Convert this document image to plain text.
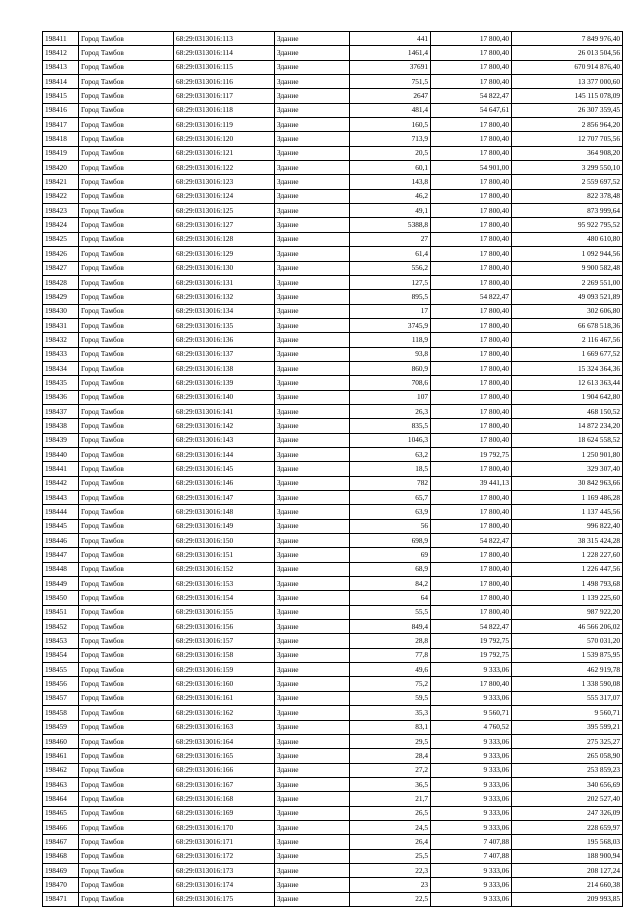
198411	Город Тамбов	68:29:0313016:113	Здание	441	17 800,40	7 849 976,40
198412	Город Тамбов	68:29:0313016:114	Здание	1461,4	17 800,40	26 013 504,56
198413	Город Тамбов	68:29:0313016:115	Здание	37691	17 800,40	670 914 876,40
198414	Город Тамбов	68:29:0313016:116	Здание	751,5	17 800,40	13 377 000,60
198415	Город Тамбов	68:29:0313016:117	Здание	2647	54 822,47	145 115 078,09
198416	Город Тамбов	68:29:0313016:118	Здание	481,4	54 647,61	26 307 359,45
198417	Город Тамбов	68:29:0313016:119	Здание	160,5	17 800,40	2 856 964,20
198418	Город Тамбов	68:29:0313016:120	Здание	713,9	17 800,40	12 707 705,56
198419	Город Тамбов	68:29:0313016:121	Здание	20,5	17 800,40	364 908,20
198420	Город Тамбов	68:29:0313016:122	Здание	60,1	54 901,00	3 299 550,10
198421	Город Тамбов	68:29:0313016:123	Здание	143,8	17 800,40	2 559 697,52
198422	Город Тамбов	68:29:0313016:124	Здание	46,2	17 800,40	822 378,48
198423	Город Тамбов	68:29:0313016:125	Здание	49,1	17 800,40	873 999,64
198424	Город Тамбов	68:29:0313016:127	Здание	5388,8	17 800,40	95 922 795,52
198425	Город Тамбов	68:29:0313016:128	Здание	27	17 800,40	480 610,80
198426	Город Тамбов	68:29:0313016:129	Здание	61,4	17 800,40	1 092 944,56
198427	Город Тамбов	68:29:0313016:130	Здание	556,2	17 800,40	9 900 582,48
198428	Город Тамбов	68:29:0313016:131	Здание	127,5	17 800,40	2 269 551,00
198429	Город Тамбов	68:29:0313016:132	Здание	895,5	54 822,47	49 093 521,89
198430	Город Тамбов	68:29:0313016:134	Здание	17	17 800,40	302 606,80
198431	Город Тамбов	68:29:0313016:135	Здание	3745,9	17 800,40	66 678 518,36
198432	Город Тамбов	68:29:0313016:136	Здание	118,9	17 800,40	2 116 467,56
198433	Город Тамбов	68:29:0313016:137	Здание	93,8	17 800,40	1 669 677,52
198434	Город Тамбов	68:29:0313016:138	Здание	860,9	17 800,40	15 324 364,36
198435	Город Тамбов	68:29:0313016:139	Здание	708,6	17 800,40	12 613 363,44
198436	Город Тамбов	68:29:0313016:140	Здание	107	17 800,40	1 904 642,80
198437	Город Тамбов	68:29:0313016:141	Здание	26,3	17 800,40	468 150,52
198438	Город Тамбов	68:29:0313016:142	Здание	835,5	17 800,40	14 872 234,20
198439	Город Тамбов	68:29:0313016:143	Здание	1046,3	17 800,40	18 624 558,52
198440	Город Тамбов	68:29:0313016:144	Здание	63,2	19 792,75	1 250 901,80
198441	Город Тамбов	68:29:0313016:145	Здание	18,5	17 800,40	329 307,40
198442	Город Тамбов	68:29:0313016:146	Здание	782	39 441,13	30 842 963,66
198443	Город Тамбов	68:29:0313016:147	Здание	65,7	17 800,40	1 169 486,28
198444	Город Тамбов	68:29:0313016:148	Здание	63,9	17 800,40	1 137 445,56
198445	Город Тамбов	68:29:0313016:149	Здание	56	17 800,40	996 822,40
198446	Город Тамбов	68:29:0313016:150	Здание	698,9	54 822,47	38 315 424,28
198447	Город Тамбов	68:29:0313016:151	Здание	69	17 800,40	1 228 227,60
198448	Город Тамбов	68:29:0313016:152	Здание	68,9	17 800,40	1 226 447,56
198449	Город Тамбов	68:29:0313016:153	Здание	84,2	17 800,40	1 498 793,68
198450	Город Тамбов	68:29:0313016:154	Здание	64	17 800,40	1 139 225,60
198451	Город Тамбов	68:29:0313016:155	Здание	55,5	17 800,40	987 922,20
198452	Город Тамбов	68:29:0313016:156	Здание	849,4	54 822,47	46 566 206,02
198453	Город Тамбов	68:29:0313016:157	Здание	28,8	19 792,75	570 031,20
198454	Город Тамбов	68:29:0313016:158	Здание	77,8	19 792,75	1 539 875,95
198455	Город Тамбов	68:29:0313016:159	Здание	49,6	9 333,06	462 919,78
198456	Город Тамбов	68:29:0313016:160	Здание	75,2	17 800,40	1 338 590,08
198457	Город Тамбов	68:29:0313016:161	Здание	59,5	9 333,06	555 317,07
198458	Город Тамбов	68:29:0313016:162	Здание	35,3	9 560,71	9 560,71
198459	Город Тамбов	68:29:0313016:163	Здание	83,1	4 760,52	395 599,21
198460	Город Тамбов	68:29:0313016:164	Здание	29,5	9 333,06	275 325,27
198461	Город Тамбов	68:29:0313016:165	Здание	28,4	9 333,06	265 058,90
198462	Город Тамбов	68:29:0313016:166	Здание	27,2	9 333,06	253 859,23
198463	Город Тамбов	68:29:0313016:167	Здание	36,5	9 333,06	340 656,69
198464	Город Тамбов	68:29:0313016:168	Здание	21,7	9 333,06	202 527,40
198465	Город Тамбов	68:29:0313016:169	Здание	26,5	9 333,06	247 326,09
198466	Город Тамбов	68:29:0313016:170	Здание	24,5	9 333,06	228 659,97
198467	Город Тамбов	68:29:0313016:171	Здание	26,4	7 407,88	195 568,03
198468	Город Тамбов	68:29:0313016:172	Здание	25,5	7 407,88	188 900,94
198469	Город Тамбов	68:29:0313016:173	Здание	22,3	9 333,06	208 127,24
198470	Город Тамбов	68:29:0313016:174	Здание	23	9 333,06	214 660,38
198471	Город Тамбов	68:29:0313016:175	Здание	22,5	9 333,06	209 993,85
